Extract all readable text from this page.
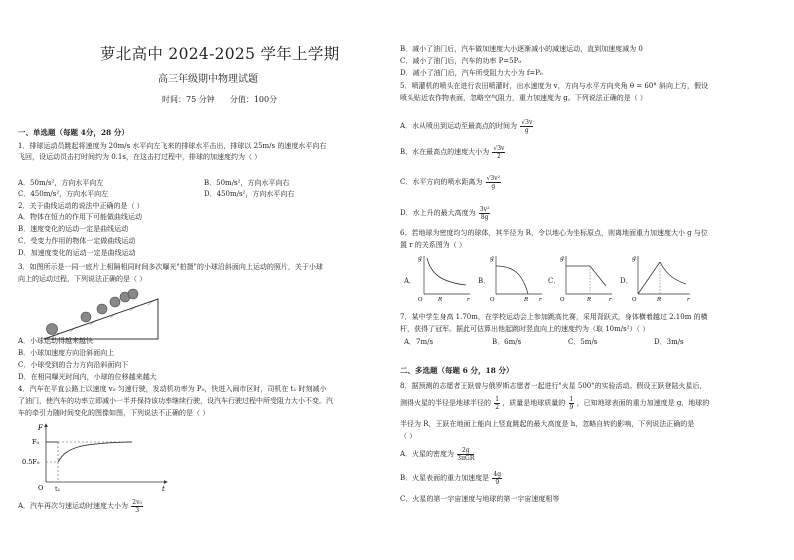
萝北高中 2024-2025 学年上学期
高三年级期中物理试题
时间：75 分钟 分值：100分
一、单选题（每题 4分，28 分）
1．排球运动员跳起将速度为 20m/s 水平向左飞来的排球水平击出，排球以 25m/s 的速度水平向右
飞回，设运动员击打时间约为 0.1s，在这击打过程中，排球的加速度约为（ ）
A．50m/s²，方向水平向左	B．50m/s²，方向水平向右
C．450m/s²，方向水平向左	D．450m/s²，方向水平向右
2．关于曲线运动的说法中正确的是（ ）
A．物体在恒力的作用下可能做曲线运动
B．速度变化的运动一定是曲线运动
C．受变力作用的物体一定做曲线运动
D．加速度变化的运动一定是曲线运动
3．如图所示是一同一底片上相隔相同时间多次曝光"拍摄"的小球沿斜面向上运动的照片，关于小球
向上的运动过程，下列说法正确的是（ ）
A．小球运动得越来越快
B．小球加速度方向沿斜面向上
C．小球受到的合力方向沿斜面向下
D．在相同曝光时间内，小球的位移越来越大
4．汽车在平直公路上以速度 v₀ 匀速行驶，发动机功率为 P₀，快进入闹市区时，司机在 t₁ 时刻减小
了油门，使汽车的功率立即减小一半并保持该功率继续行驶，设汽车行驶过程中所受阻力大小不变。汽
车的牵引力随时间变化的图像如图，下列说法不正确的是（ ）
F
F₀
0.5F₀
O t₁	t
A．汽车再次匀速运动时速度大小为 $\frac{\text{2v₀}}{3}$
B．减小了油门后，汽车做加速度大小逐渐减小的减速运动，直到加速度减为 0
C．减小了油门后，汽车的功率 P=5P₀
D．减小了油门后，汽车所受阻力大小为 f=P₀
5．喷灌机的喷头在进行农田喷灌时，出水速度为 v，方向与水平方向夹角 θ = 60° 斜向上方，假设
喷头贴近农作物表面，忽略空气阻力，重力加速度为 g。下列说法正确的是（ ）
A．水从喷出到运动至最高点的时间为 $\frac{√3v}{g}$
B．水在最高点的速度大小为 $\frac{√3v}{2}$
C．水平方向的喷水距离为 $\frac{\text{√3v²}}{g}$
D．水上升的最大高度为 $\frac{\text{3v²}}{8g}$
6．若地球为密度均匀的球体，其半径为 R，令以地心为坐标原点，则离地面重力加速度大小 g 与位
置 r 的关系图为（ ）
A．	B．	C．	D．
g
O	R	r
g
O	R r
g
O	R	r
g
O	R	r
7．某中学生身高 1.70m，在学校运动会上参加跳高比赛，采用背跃式，身体横着越过 2.10m 的横
杆，获得了冠军。据此可估算出他起跳时竖直向上的速度约为（取 10m/s²）（ ）
A．7m/s	B．6m/s	C．5m/s	D．3m/s
二、多选题（每题 6 分，18 分）
8．据预测的志愿者王跃曾与俄罗斯志愿者一起进行"火星 500"的实验活动。假设王跃登陆火星后，
测得火星的半径是地球半径的 $\frac{1}{2}$ ，质量是地球质量的 $\frac{1}{9}$ ，已知地球表面的重力加速度是 g，地球的
半径为 R，王跃在地面上能向上竖直跳起的最大高度是 h，忽略自转的影响，下列说法正确的是
（ ）
A．火星的密度为 $\frac{2g}{\text{3πGR}}$
B．火星表面的重力加速度是 $\frac{4g}{9}$
C．火星的第一宇宙速度与地球的第一宇宙速度相等
